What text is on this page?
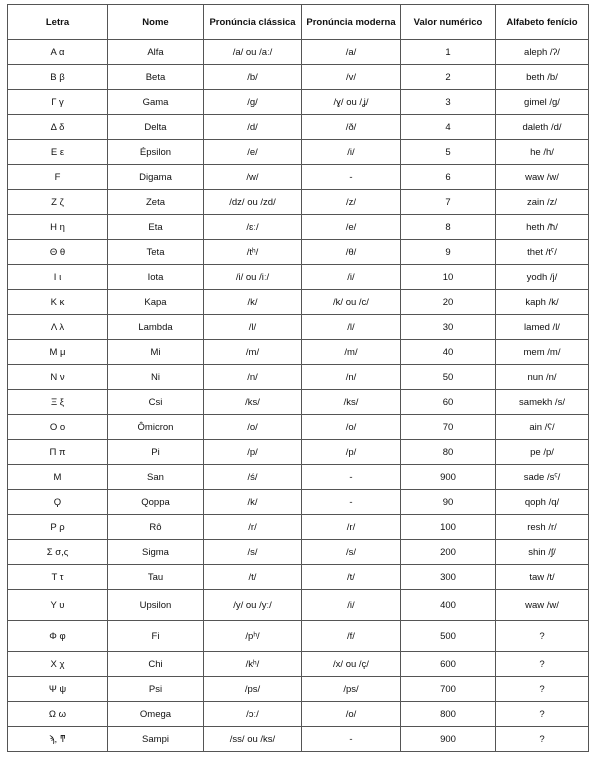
Letra	Nome	Pronúncia clássica	Pronúncia moderna	Valor numérico	Alfabeto fenício
Α α	Alfa	/a/ ou /aː/	/a/	1	aleph /ʔ/
Β β	Beta	/b/	/v/	2	beth /b/
Γ γ	Gama	/g/	/ɣ/ ou /ʝ/	3	gimel /g/
Δ δ	Delta	/d/	/ð/	4	daleth /d/
Ε ε	Épsilon	/e/	/i/	5	he /h/
F	Digama	/w/	-	6	waw /w/
Ζ ζ	Zeta	/dz/ ou /zd/	/z/	7	zain /z/
Η η	Eta	/ɛː/	/e/	8	heth /ħ/
Θ θ	Teta	/tʰ/	/θ/	9	thet /tˤ/
Ι ι	Iota	/i/ ou /iː/	/i/	10	yodh /j/
Κ κ	Kapa	/k/	/k/ ou /c/	20	kaph /k/
Λ λ	Lambda	/l/	/l/	30	lamed /l/
Μ μ	Mi	/m/	/m/	40	mem /m/
Ν ν	Ni	/n/	/n/	50	nun /n/
Ξ ξ	Csi	/ks/	/ks/	60	samekh /s/
Ο ο	Ômicron	/o/	/o/	70	ain /ʕ/
Π π	Pi	/p/	/p/	80	pe /p/
M	San	/ś/	-	900	sade /sˤ/
Ϙ	Qoppa	/k/	-	90	qoph /q/
Ρ ρ	Rô	/r/	/r/	100	resh /r/
Σ σ,ς	Sigma	/s/	/s/	200	shin /ʃ/
Τ τ	Tau	/t/	/t/	300	taw /t/
Υ υ	Upsilon	/y/ ou /yː/	/i/	400	waw /w/
Φ φ	Fi	/pʰ/	/f/	500	?
Χ χ	Chi	/kʰ/	/x/ ou /ç/	600	?
Ψ ψ	Psi	/ps/	/ps/	700	?
Ω ω	Omega	/ɔː/	/o/	800	?
ϡ, ͳ	Sampi	/ss/ ou /ks/	-	900	?
